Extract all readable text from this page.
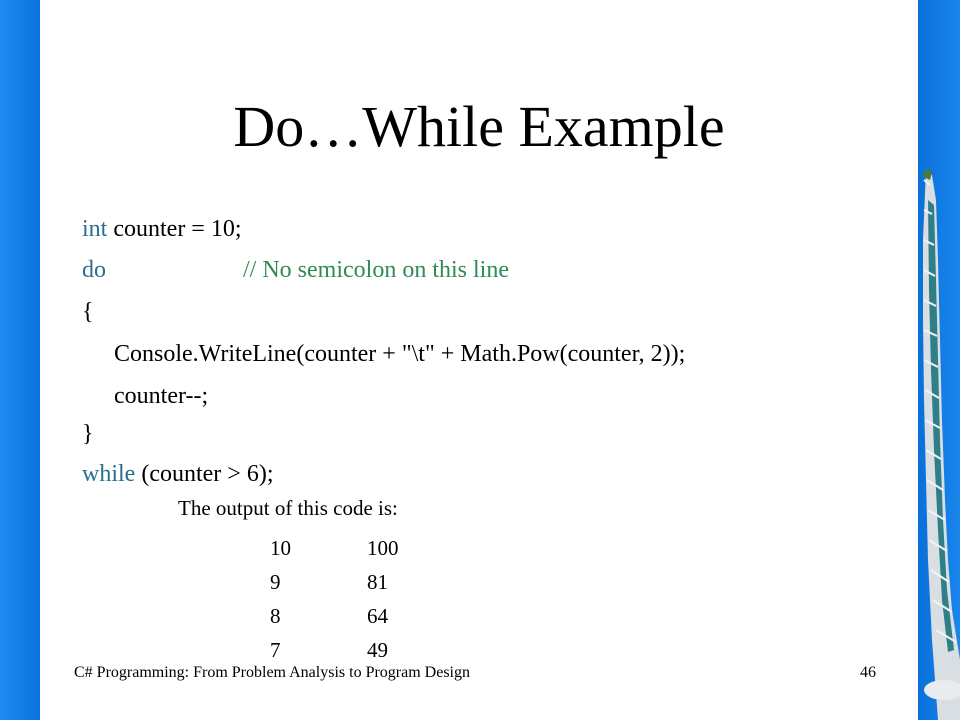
Do…While Example
int counter = 10;
do	// No semicolon on this line
{
Console.WriteLine(counter + "\t" + Math.Pow(counter, 2));
counter--;
}
while (counter > 6);
The output of this code is:
10	100
9	81
8	64
7	49
C# Programming: From Problem Analysis to Program Design	46
